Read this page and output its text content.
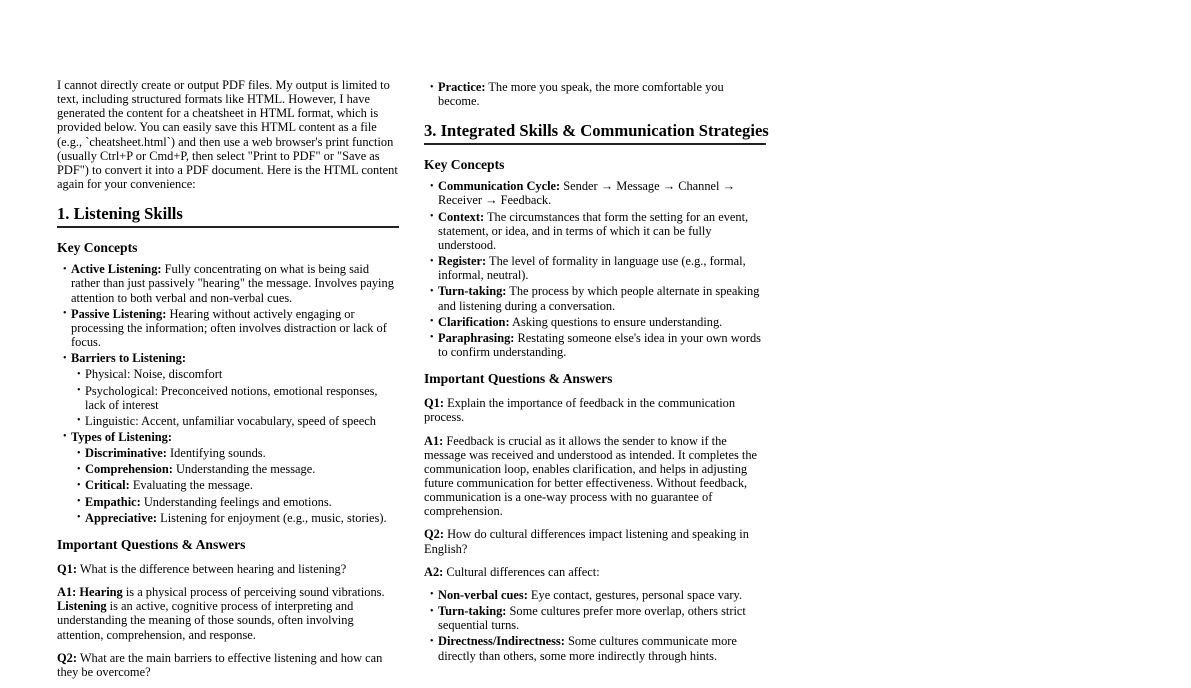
I cannot directly create or output PDF files. My output is limited to text, including structured formats like HTML. However, I have generated the content for a cheatsheet in HTML format, which is provided below. You can easily save this HTML content as a file (e.g., `cheatsheet.html`) and then use a web browser's print function (usually Ctrl+P or Cmd+P, then select "Print to PDF" or "Save as PDF") to convert it into a PDF document. Here is the HTML content again for your convenience:

1. Listening Skills
Key Concepts
• Active Listening: Fully concentrating on what is being said rather than just passively "hearing" the message. Involves paying attention to both verbal and non-verbal cues.
• Passive Listening: Hearing without actively engaging or processing the information; often involves distraction or lack of focus.
• Barriers to Listening:
• Physical: Noise, discomfort
• Psychological: Preconceived notions, emotional responses, lack of interest
• Linguistic: Accent, unfamiliar vocabulary, speed of speech
• Types of Listening:
• Discriminative: Identifying sounds.
• Comprehension: Understanding the message.
• Critical: Evaluating the message.
• Empathic: Understanding feelings and emotions.
• Appreciative: Listening for enjoyment (e.g., music, stories).
Important Questions & Answers

Q1: What is the difference between hearing and listening?

A1: Hearing is a physical process of perceiving sound vibrations. Listening is an active, cognitive process of interpreting and understanding the meaning of those sounds, often involving attention, comprehension, and response.

Q2: What are the main barriers to effective listening and how can they be overcome?

• Practice: The more you speak, the more comfortable you become.
3. Integrated Skills & Communication Strategies
Key Concepts
• Communication Cycle: Sender → Message → Channel → Receiver → Feedback.
• Context: The circumstances that form the setting for an event, statement, or idea, and in terms of which it can be fully understood.
• Register: The level of formality in language use (e.g., formal, informal, neutral).
• Turn-taking: The process by which people alternate in speaking and listening during a conversation.
• Clarification: Asking questions to ensure understanding.
• Paraphrasing: Restating someone else's idea in your own words to confirm understanding.
Important Questions & Answers

Q1: Explain the importance of feedback in the communication process.

A1: Feedback is crucial as it allows the sender to know if the message was received and understood as intended. It completes the communication loop, enables clarification, and helps in adjusting future communication for better effectiveness. Without feedback, communication is a one-way process with no guarantee of comprehension.

Q2: How do cultural differences impact listening and speaking in English?

A2: Cultural differences can affect:

• Non-verbal cues: Eye contact, gestures, personal space vary.
• Turn-taking: Some cultures prefer more overlap, others strict sequential turns.
• Directness/Indirectness: Some cultures communicate more directly than others, some more indirectly through hints.
